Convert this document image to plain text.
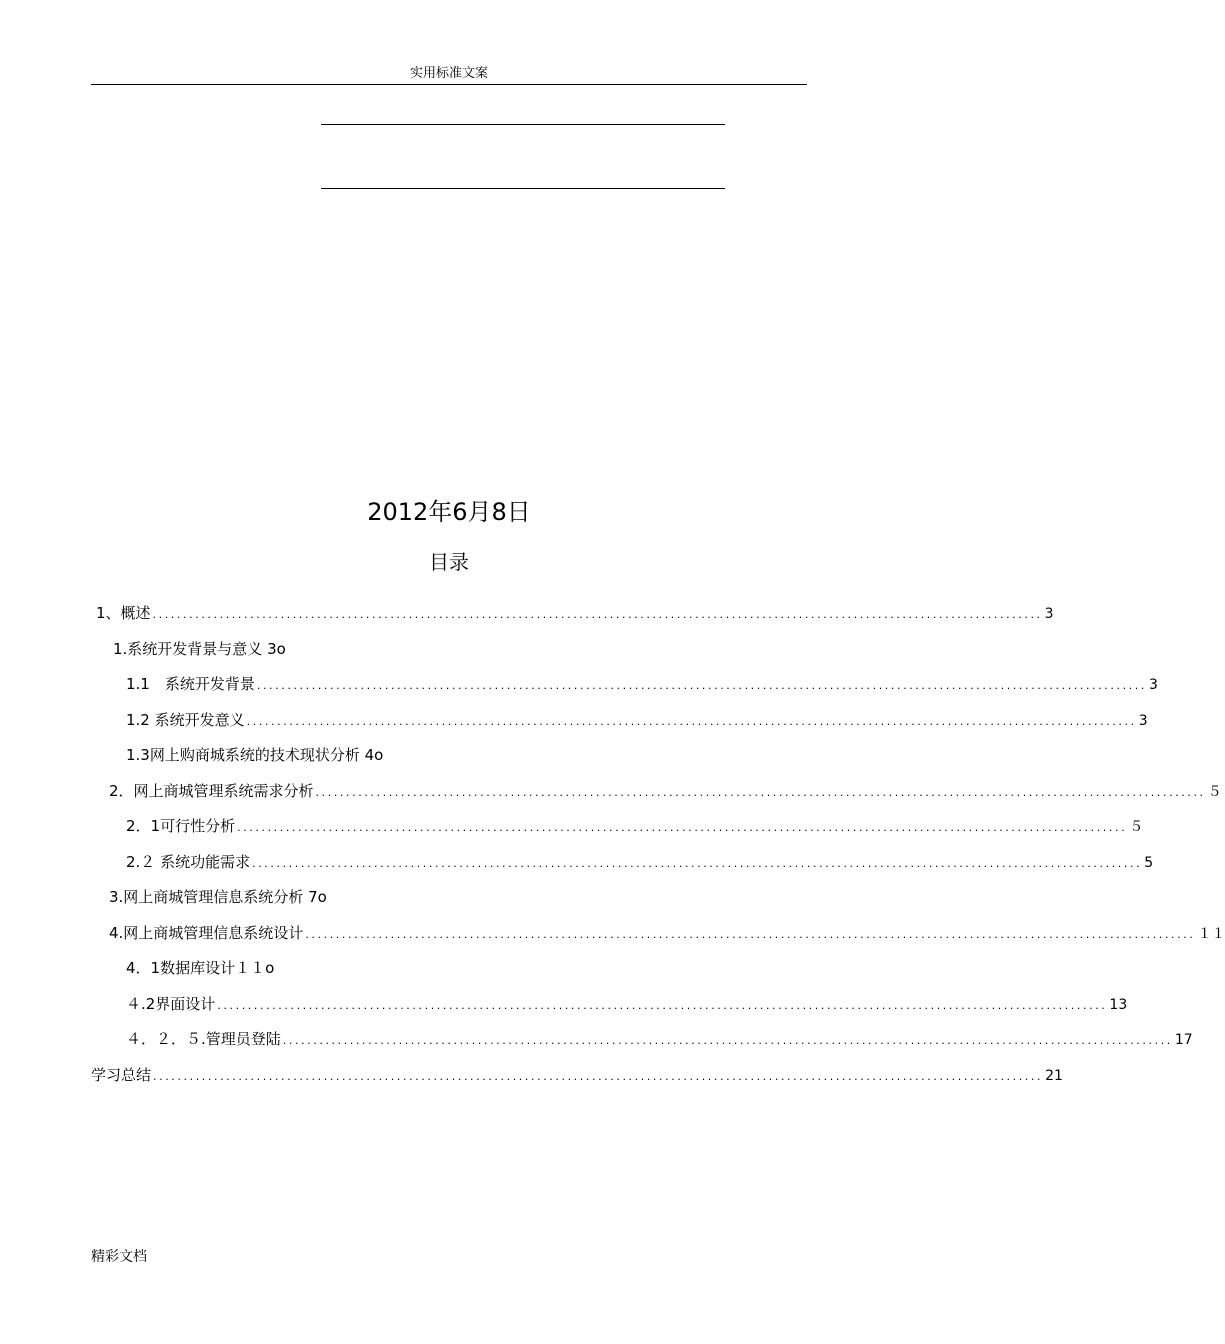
实用标准文案
2012年6月8日
目录
1、概述 .................................................................................................................................................. 3
1.系统开发背景与意义 3o
1.1　系统开发背景 .................................................................................................................................................. 3
1.2 系统开发意义 .................................................................................................................................................. 3
1.3网上购商城系统的技术现状分析 4o
2．网上商城管理系统需求分析 .................................................................................................................................................. ５
2．1可行性分析 .................................................................................................................................................. ５
2.２ 系统功能需求 .................................................................................................................................................. 5
3.网上商城管理信息系统分析 7o
4.网上商城管理信息系统设计 .................................................................................................................................................. １１
4．1数据库设计１１o
４.2界面设计 .................................................................................................................................................. 13
４．２．５.管理员登陆 .................................................................................................................................................. 17
学习总结 .................................................................................................................................................. 21
精彩文档
